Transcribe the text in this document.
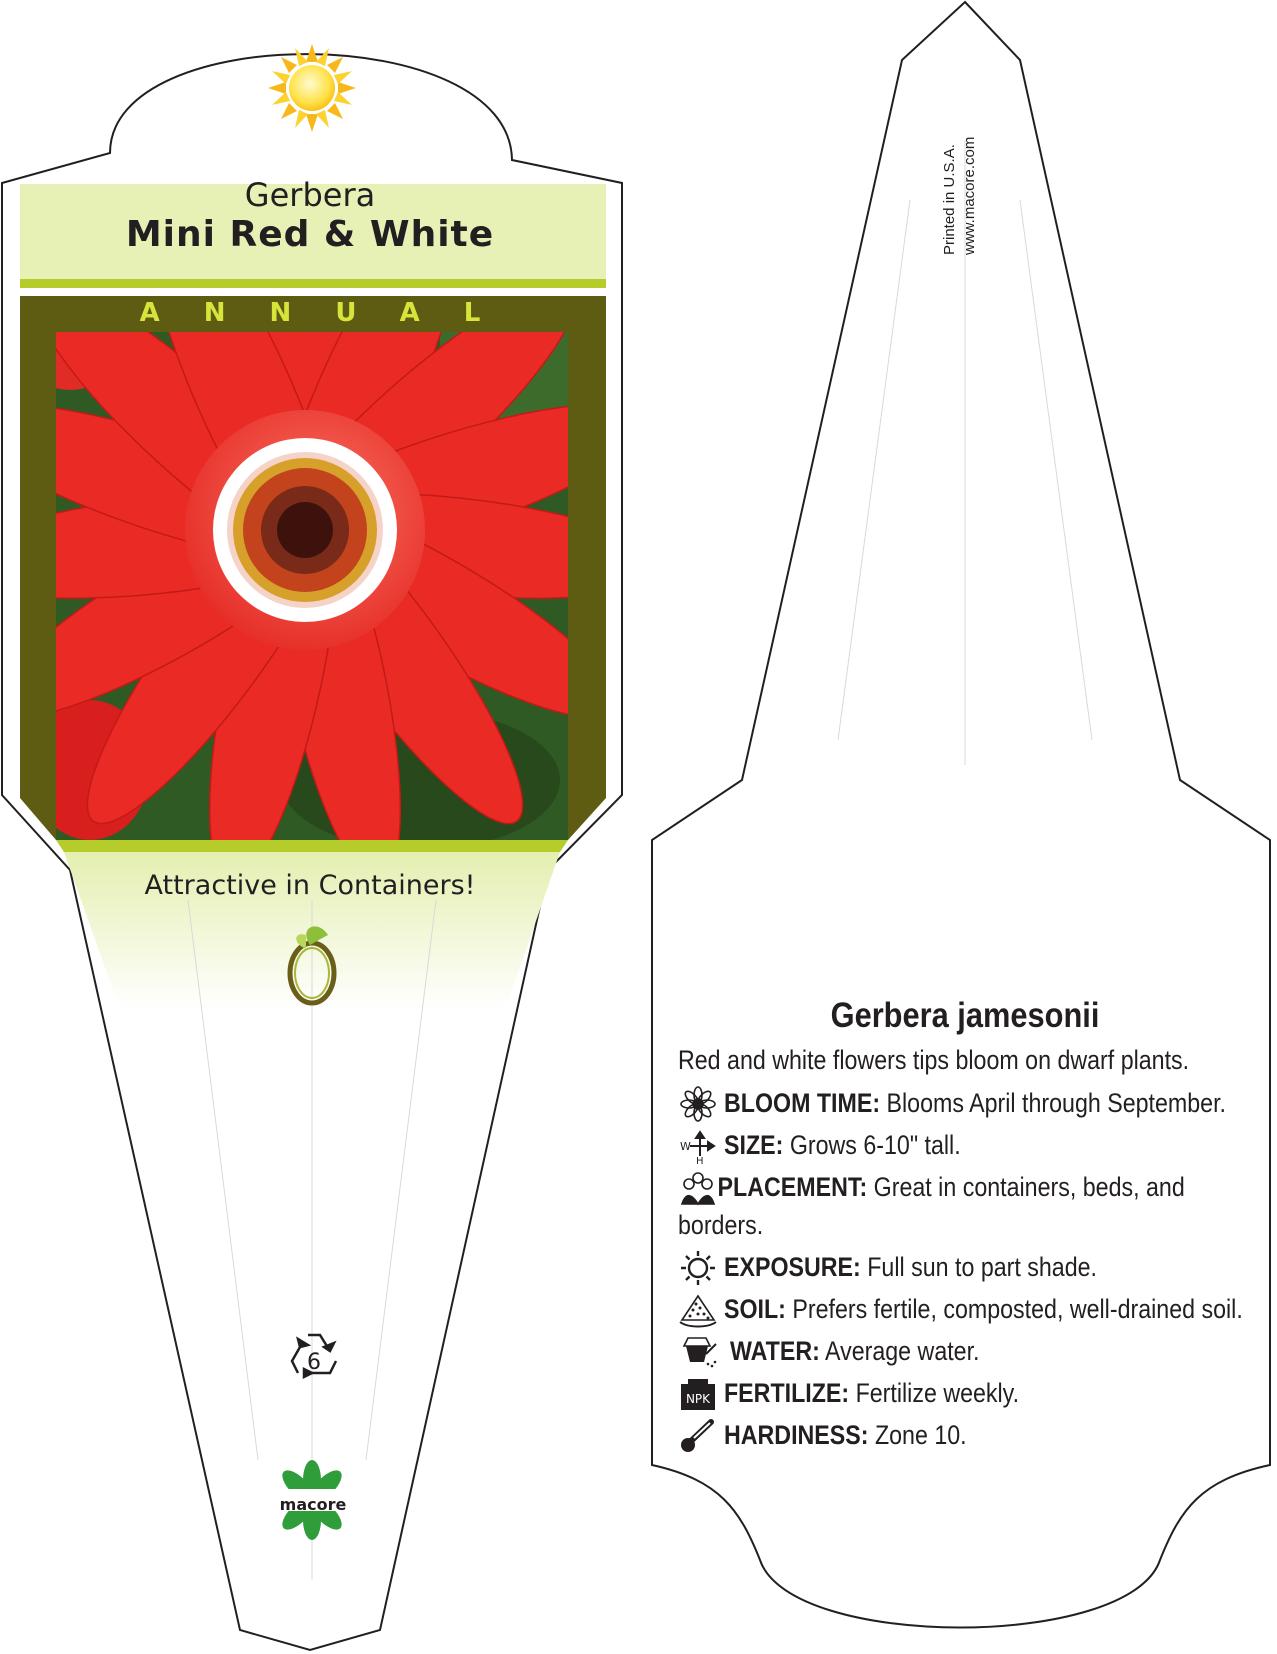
Gerbera
Mini Red & White
ANNUAL
Attractive in Containers!
6
macore
Printed in U.S.A. www.macore.com
Gerbera jamesonii
Red and white flowers tips bloom on dwarf plants.
BLOOM TIME: Blooms April through September.
W
H
SIZE: Grows 6-10" tall.
PLACEMENT: Great in containers, beds, and borders.
EXPOSURE: Full sun to part shade.
SOIL: Prefers fertile, composted, well-drained soil.
WATER: Average water.
NPK FERTILIZE: Fertilize weekly.
HARDINESS: Zone 10.
